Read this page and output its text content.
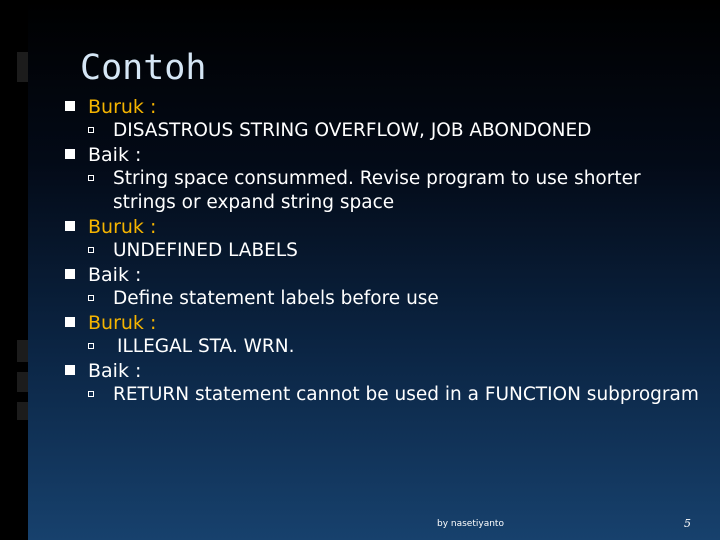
Contoh
Buruk :
DISASTROUS STRING OVERFLOW, JOB ABONDONED
Baik :
String space consummed. Revise program to use shorter strings or expand string space
Buruk :
UNDEFINED LABELS
Baik :
Define statement labels before use
Buruk :
ILLEGAL STA. WRN.
Baik :
RETURN statement cannot be used in a FUNCTION subprogram
by nasetiyanto	5
